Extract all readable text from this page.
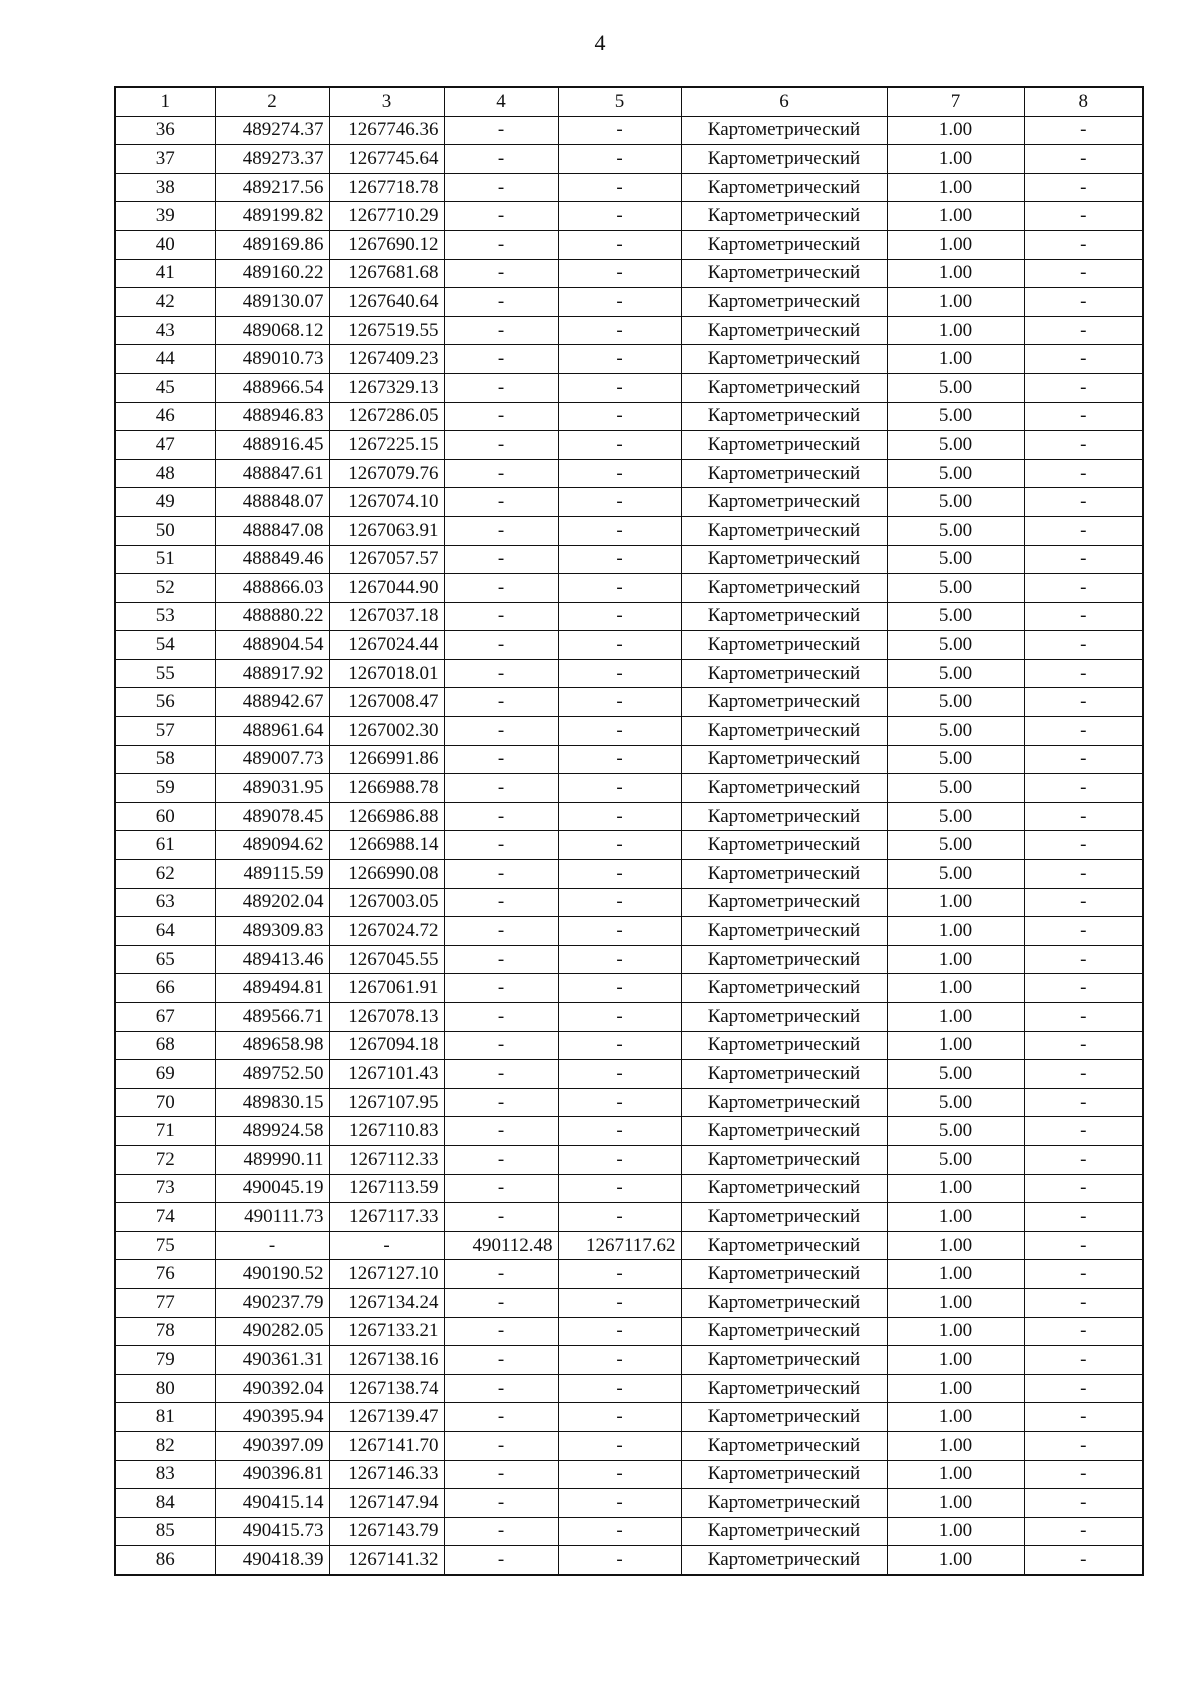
4
1	2	3	4	5	6	7	8
36	489274.37	1267746.36	-	-	Картометрический	1.00	-
37	489273.37	1267745.64	-	-	Картометрический	1.00	-
38	489217.56	1267718.78	-	-	Картометрический	1.00	-
39	489199.82	1267710.29	-	-	Картометрический	1.00	-
40	489169.86	1267690.12	-	-	Картометрический	1.00	-
41	489160.22	1267681.68	-	-	Картометрический	1.00	-
42	489130.07	1267640.64	-	-	Картометрический	1.00	-
43	489068.12	1267519.55	-	-	Картометрический	1.00	-
44	489010.73	1267409.23	-	-	Картометрический	1.00	-
45	488966.54	1267329.13	-	-	Картометрический	5.00	-
46	488946.83	1267286.05	-	-	Картометрический	5.00	-
47	488916.45	1267225.15	-	-	Картометрический	5.00	-
48	488847.61	1267079.76	-	-	Картометрический	5.00	-
49	488848.07	1267074.10	-	-	Картометрический	5.00	-
50	488847.08	1267063.91	-	-	Картометрический	5.00	-
51	488849.46	1267057.57	-	-	Картометрический	5.00	-
52	488866.03	1267044.90	-	-	Картометрический	5.00	-
53	488880.22	1267037.18	-	-	Картометрический	5.00	-
54	488904.54	1267024.44	-	-	Картометрический	5.00	-
55	488917.92	1267018.01	-	-	Картометрический	5.00	-
56	488942.67	1267008.47	-	-	Картометрический	5.00	-
57	488961.64	1267002.30	-	-	Картометрический	5.00	-
58	489007.73	1266991.86	-	-	Картометрический	5.00	-
59	489031.95	1266988.78	-	-	Картометрический	5.00	-
60	489078.45	1266986.88	-	-	Картометрический	5.00	-
61	489094.62	1266988.14	-	-	Картометрический	5.00	-
62	489115.59	1266990.08	-	-	Картометрический	5.00	-
63	489202.04	1267003.05	-	-	Картометрический	1.00	-
64	489309.83	1267024.72	-	-	Картометрический	1.00	-
65	489413.46	1267045.55	-	-	Картометрический	1.00	-
66	489494.81	1267061.91	-	-	Картометрический	1.00	-
67	489566.71	1267078.13	-	-	Картометрический	1.00	-
68	489658.98	1267094.18	-	-	Картометрический	1.00	-
69	489752.50	1267101.43	-	-	Картометрический	5.00	-
70	489830.15	1267107.95	-	-	Картометрический	5.00	-
71	489924.58	1267110.83	-	-	Картометрический	5.00	-
72	489990.11	1267112.33	-	-	Картометрический	5.00	-
73	490045.19	1267113.59	-	-	Картометрический	1.00	-
74	490111.73	1267117.33	-	-	Картометрический	1.00	-
75	-	-	490112.48	1267117.62	Картометрический	1.00	-
76	490190.52	1267127.10	-	-	Картометрический	1.00	-
77	490237.79	1267134.24	-	-	Картометрический	1.00	-
78	490282.05	1267133.21	-	-	Картометрический	1.00	-
79	490361.31	1267138.16	-	-	Картометрический	1.00	-
80	490392.04	1267138.74	-	-	Картометрический	1.00	-
81	490395.94	1267139.47	-	-	Картометрический	1.00	-
82	490397.09	1267141.70	-	-	Картометрический	1.00	-
83	490396.81	1267146.33	-	-	Картометрический	1.00	-
84	490415.14	1267147.94	-	-	Картометрический	1.00	-
85	490415.73	1267143.79	-	-	Картометрический	1.00	-
86	490418.39	1267141.32	-	-	Картометрический	1.00	-
